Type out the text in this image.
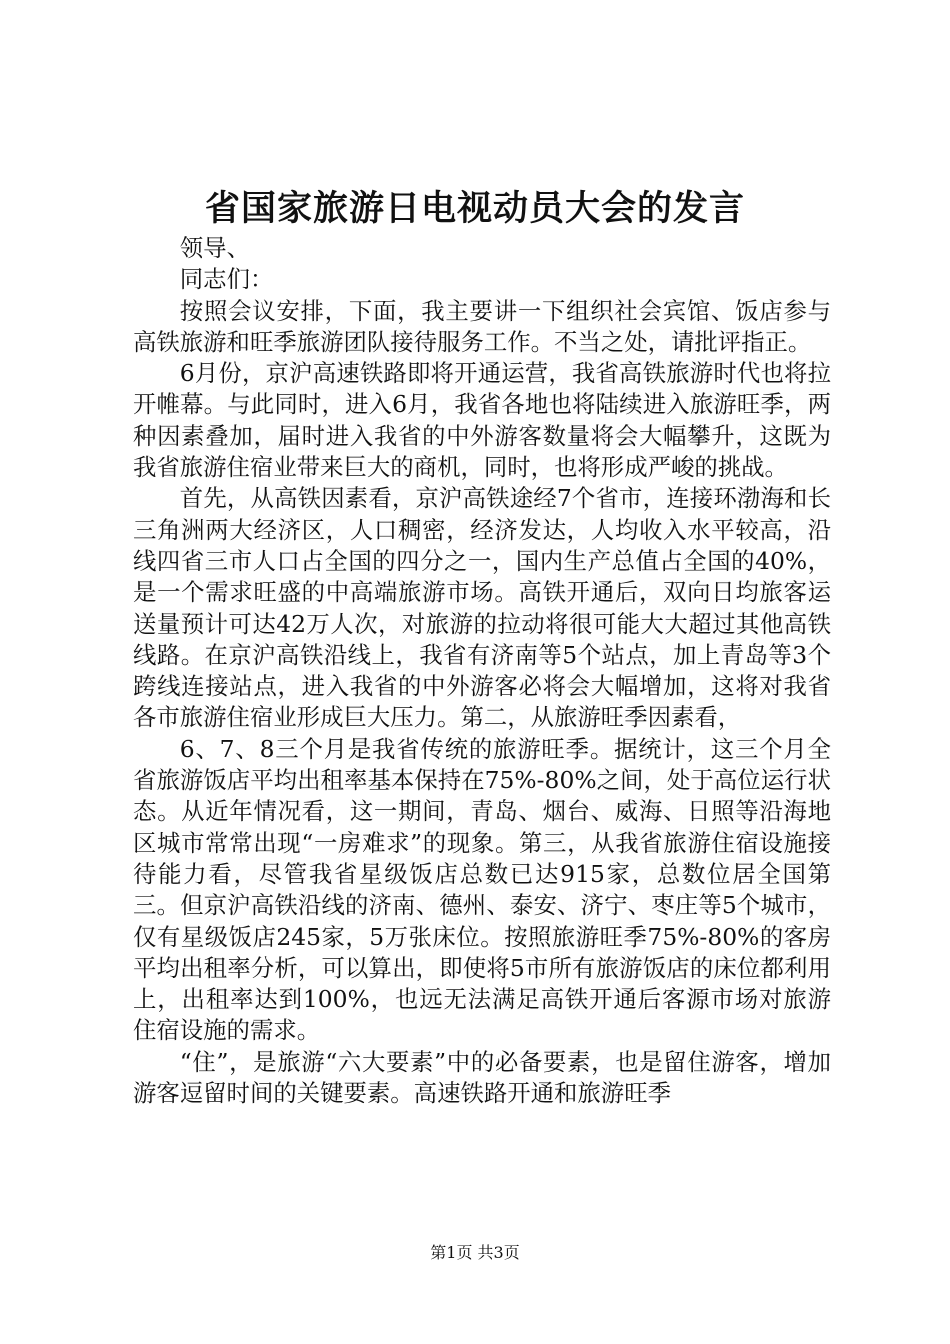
省国家旅游日电视动员大会的发言

领导、

同志们：

按照会议安排，下面，我主要讲一下组织社会宾馆、饭店参与高铁旅游和旺季旅游团队接待服务工作。不当之处，请批评指正。

6月份，京沪高速铁路即将开通运营，我省高铁旅游时代也将拉开帷幕。与此同时，进入6月，我省各地也将陆续进入旅游旺季，两种因素叠加，届时进入我省的中外游客数量将会大幅攀升，这既为我省旅游住宿业带来巨大的商机，同时，也将形成严峻的挑战。

首先，从高铁因素看，京沪高铁途经7个省市，连接环渤海和长三角洲两大经济区，人口稠密，经济发达，人均收入水平较高，沿线四省三市人口占全国的四分之一，国内生产总值占全国的40%，是一个需求旺盛的中高端旅游市场。高铁开通后，双向日均旅客运送量预计可达42万人次，对旅游的拉动将很可能大大超过其他高铁线路。在京沪高铁沿线上，我省有济南等5个站点，加上青岛等3个跨线连接站点，进入我省的中外游客必将会大幅增加，这将对我省各市旅游住宿业形成巨大压力。第二，从旅游旺季因素看，

6、7、8三个月是我省传统的旅游旺季。据统计，这三个月全省旅游饭店平均出租率基本保持在75%-80%之间，处于高位运行状态。从近年情况看，这一期间，青岛、烟台、威海、日照等沿海地区城市常常出现“一房难求”的现象。第三，从我省旅游住宿设施接待能力看，尽管我省星级饭店总数已达915家，总数位居全国第三。但京沪高铁沿线的济南、德州、泰安、济宁、枣庄等5个城市，仅有星级饭店245家，5万张床位。按照旅游旺季75%-80%的客房平均出租率分析，可以算出，即使将5市所有旅游饭店的床位都利用上，出租率达到100%，也远无法满足高铁开通后客源市场对旅游住宿设施的需求。

“住”，是旅游“六大要素”中的必备要素，也是留住游客，增加游客逗留时间的关键要素。高速铁路开通和旅游旺季

第1页 共3页
